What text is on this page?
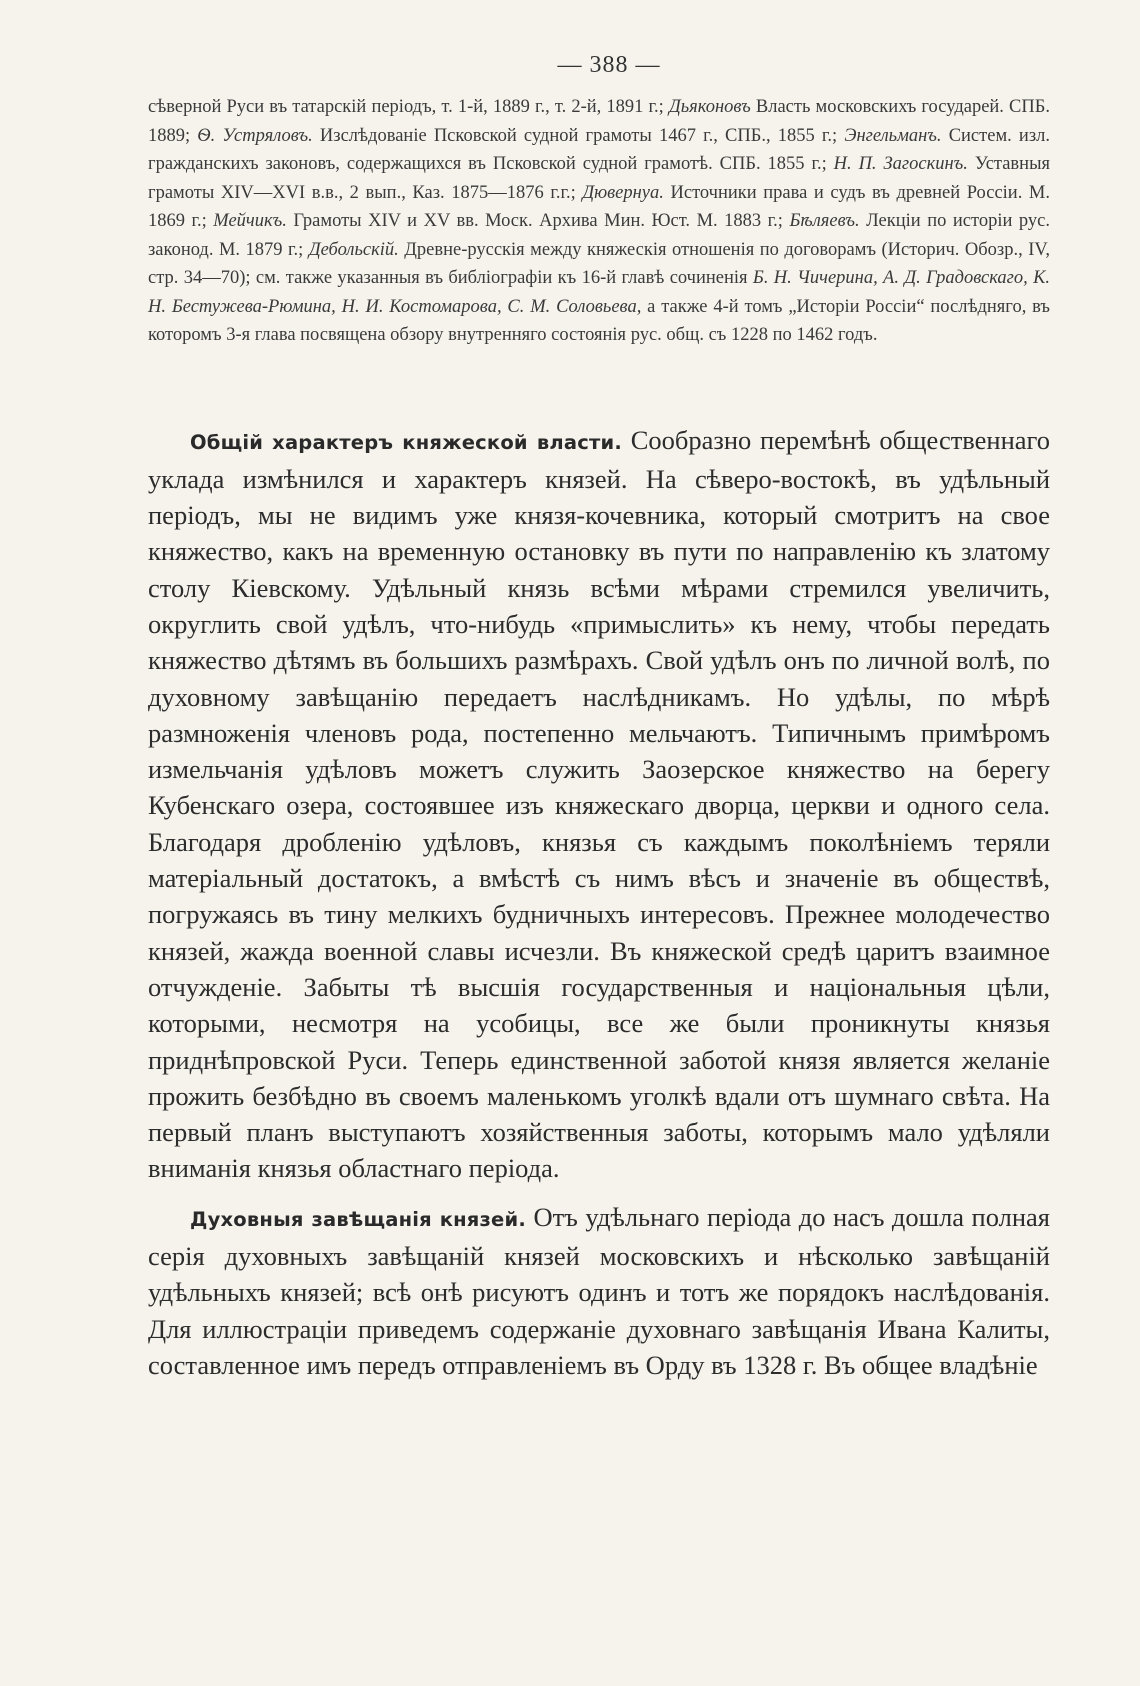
— 388 —

сѣверной Руси въ татарскій періодъ, т. 1-й, 1889 г., т. 2-й, 1891 г.; Дьяконовъ Власть московскихъ государей. СПБ. 1889; Ѳ. Устряловъ. Изслѣдованіе Псковской судной грамоты 1467 г., СПБ., 1855 г.; Энгельманъ. Систем. изл. гражданскихъ законовъ, содержащихся въ Псковской судной грамотѣ. СПБ. 1855 г.; Н. П. Загоскинъ. Уставныя грамоты XIV—XVI в.в., 2 вып., Каз. 1875—1876 г.г.; Дювернуа. Источники права и судъ въ древней Россіи. М. 1869 г.; Мейчикъ. Грамоты XIV и XV вв. Моск. Архива Мин. Юст. М. 1883 г.; Бѣляевъ. Лекціи по исторіи рус. законод. М. 1879 г.; Дебольскій. Древне-русскія между княжескія отношенія по договорамъ (Историч. Обозр., IV, стр. 34—70); см. также указанныя въ библіографіи къ 16-й главѣ сочиненія Б. Н. Чичерина, А. Д. Градовскаго, К. Н. Бестужева-Рюмина, Н. И. Костомарова, С. М. Соловьева, а также 4-й томъ „Исторіи Россіи“ послѣдняго, въ которомъ 3-я глава посвящена обзору внутренняго состоянія рус. общ. съ 1228 по 1462 годъ.

Общій характеръ княжеской власти. Сообразно перемѣнѣ общественнаго уклада измѣнился и характеръ князей. На сѣверо-востокѣ, въ удѣльный періодъ, мы не видимъ уже князя-кочевника, который смотритъ на свое княжество, какъ на временную остановку въ пути по направленію къ златому столу Кіевскому. Удѣльный князь всѣми мѣрами стремился увеличить, округлить свой удѣлъ, что-нибудь «примыслить» къ нему, чтобы передать княжество дѣтямъ въ большихъ размѣрахъ. Свой удѣлъ онъ по личной волѣ, по духовному завѣщанію передаетъ наслѣдникамъ. Но удѣлы, по мѣрѣ размноженія членовъ рода, постепенно мельчаютъ. Типичнымъ примѣромъ измельчанія удѣловъ можетъ служить Заозерское княжество на берегу Кубенскаго озера, состоявшее изъ княжескаго дворца, церкви и одного села. Благодаря дробленію удѣловъ, князья съ каждымъ поколѣніемъ теряли матеріальный достатокъ, а вмѣстѣ съ нимъ вѣсъ и значеніе въ обществѣ, погружаясь въ тину мелкихъ будничныхъ интересовъ. Прежнее молодечество князей, жажда военной славы исчезли. Въ княжеской средѣ царитъ взаимное отчужденіе. Забыты тѣ высшія государственныя и національныя цѣли, которыми, несмотря на усобицы, все же были проникнуты князья приднѣпровской Руси. Теперь единственной заботой князя является желаніе прожить безбѣдно въ своемъ маленькомъ уголкѣ вдали отъ шумнаго свѣта. На первый планъ выступаютъ хозяйственныя заботы, которымъ мало удѣляли вниманія князья областнаго періода.

Духовныя завѣщанія князей. Отъ удѣльнаго періода до насъ дошла полная серія духовныхъ завѣщаній князей московскихъ и нѣсколько завѣщаній удѣльныхъ князей; всѣ онѣ рисуютъ одинъ и тотъ же порядокъ наслѣдованія. Для иллюстраціи приведемъ содержаніе духовнаго завѣщанія Ивана Калиты, составленное имъ передъ отправленіемъ въ Орду въ 1328 г. Въ общее владѣніе
